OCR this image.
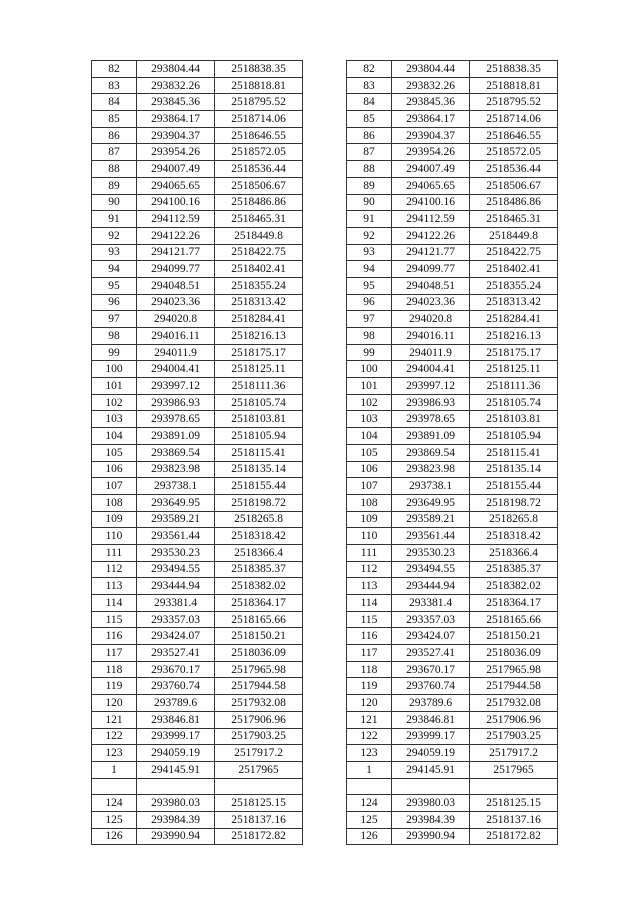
82	293804.44	2518838.35
83	293832.26	2518818.81
84	293845.36	2518795.52
85	293864.17	2518714.06
86	293904.37	2518646.55
87	293954.26	2518572.05
88	294007.49	2518536.44
89	294065.65	2518506.67
90	294100.16	2518486.86
91	294112.59	2518465.31
92	294122.26	2518449.8
93	294121.77	2518422.75
94	294099.77	2518402.41
95	294048.51	2518355.24
96	294023.36	2518313.42
97	294020.8	2518284.41
98	294016.11	2518216.13
99	294011.9	2518175.17
100	294004.41	2518125.11
101	293997.12	2518111.36
102	293986.93	2518105.74
103	293978.65	2518103.81
104	293891.09	2518105.94
105	293869.54	2518115.41
106	293823.98	2518135.14
107	293738.1	2518155.44
108	293649.95	2518198.72
109	293589.21	2518265.8
110	293561.44	2518318.42
111	293530.23	2518366.4
112	293494.55	2518385.37
113	293444.94	2518382.02
114	293381.4	2518364.17
115	293357.03	2518165.66
116	293424.07	2518150.21
117	293527.41	2518036.09
118	293670.17	2517965.98
119	293760.74	2517944.58
120	293789.6	2517932.08
121	293846.81	2517906.96
122	293999.17	2517903.25
123	294059.19	2517917.2
1	294145.91	2517965

124	293980.03	2518125.15
125	293984.39	2518137.16
126	293990.94	2518172.82
82	293804.44	2518838.35
83	293832.26	2518818.81
84	293845.36	2518795.52
85	293864.17	2518714.06
86	293904.37	2518646.55
87	293954.26	2518572.05
88	294007.49	2518536.44
89	294065.65	2518506.67
90	294100.16	2518486.86
91	294112.59	2518465.31
92	294122.26	2518449.8
93	294121.77	2518422.75
94	294099.77	2518402.41
95	294048.51	2518355.24
96	294023.36	2518313.42
97	294020.8	2518284.41
98	294016.11	2518216.13
99	294011.9	2518175.17
100	294004.41	2518125.11
101	293997.12	2518111.36
102	293986.93	2518105.74
103	293978.65	2518103.81
104	293891.09	2518105.94
105	293869.54	2518115.41
106	293823.98	2518135.14
107	293738.1	2518155.44
108	293649.95	2518198.72
109	293589.21	2518265.8
110	293561.44	2518318.42
111	293530.23	2518366.4
112	293494.55	2518385.37
113	293444.94	2518382.02
114	293381.4	2518364.17
115	293357.03	2518165.66
116	293424.07	2518150.21
117	293527.41	2518036.09
118	293670.17	2517965.98
119	293760.74	2517944.58
120	293789.6	2517932.08
121	293846.81	2517906.96
122	293999.17	2517903.25
123	294059.19	2517917.2
1	294145.91	2517965

124	293980.03	2518125.15
125	293984.39	2518137.16
126	293990.94	2518172.82
